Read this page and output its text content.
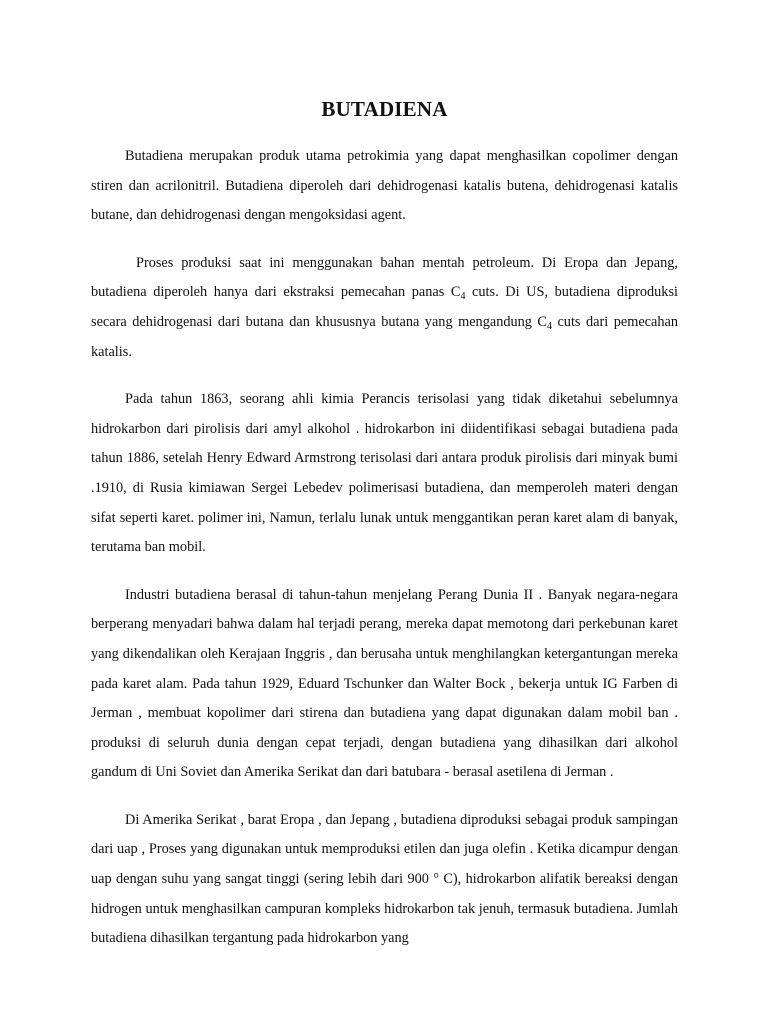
BUTADIENA

Butadiena merupakan produk utama petrokimia yang dapat menghasilkan copolimer dengan stiren dan acrilonitril. Butadiena diperoleh dari dehidrogenasi katalis butena, dehidrogenasi katalis butane, dan dehidrogenasi dengan mengoksidasi agent.

Proses produksi saat ini menggunakan bahan mentah petroleum. Di Eropa dan Jepang, butadiena diperoleh hanya dari ekstraksi pemecahan panas $C_4$ cuts. Di US, butadiena diproduksi secara dehidrogenasi dari butana dan khususnya butana yang mengandung $C_4$ cuts dari pemecahan katalis.

Pada tahun 1863, seorang ahli kimia Perancis terisolasi yang tidak diketahui sebelumnya hidrokarbon dari pirolisis dari amyl alkohol . hidrokarbon ini diidentifikasi sebagai butadiena pada tahun 1886, setelah Henry Edward Armstrong terisolasi dari antara produk pirolisis dari minyak bumi .1910, di Rusia kimiawan Sergei Lebedev polimerisasi butadiena, dan memperoleh materi dengan sifat seperti karet. polimer ini, Namun, terlalu lunak untuk menggantikan peran karet alam di banyak, terutama ban mobil.

Industri butadiena berasal di tahun-tahun menjelang Perang Dunia II . Banyak negara-negara berperang menyadari bahwa dalam hal terjadi perang, mereka dapat memotong dari perkebunan karet yang dikendalikan oleh Kerajaan Inggris , dan berusaha untuk menghilangkan ketergantungan mereka pada karet alam. Pada tahun 1929, Eduard Tschunker dan Walter Bock , bekerja untuk IG Farben di Jerman , membuat kopolimer dari stirena dan butadiena yang dapat digunakan dalam mobil ban . produksi di seluruh dunia dengan cepat terjadi, dengan butadiena yang dihasilkan dari alkohol gandum di Uni Soviet dan Amerika Serikat dan dari batubara - berasal asetilena di Jerman .

Di Amerika Serikat , barat Eropa , dan Jepang , butadiena diproduksi sebagai produk sampingan dari uap , Proses yang digunakan untuk memproduksi etilen dan juga olefin . Ketika dicampur dengan uap dengan suhu yang sangat tinggi (sering lebih dari 900 ° C), hidrokarbon alifatik bereaksi dengan hidrogen untuk menghasilkan campuran kompleks hidrokarbon tak jenuh, termasuk butadiena. Jumlah butadiena dihasilkan tergantung pada hidrokarbon yang
